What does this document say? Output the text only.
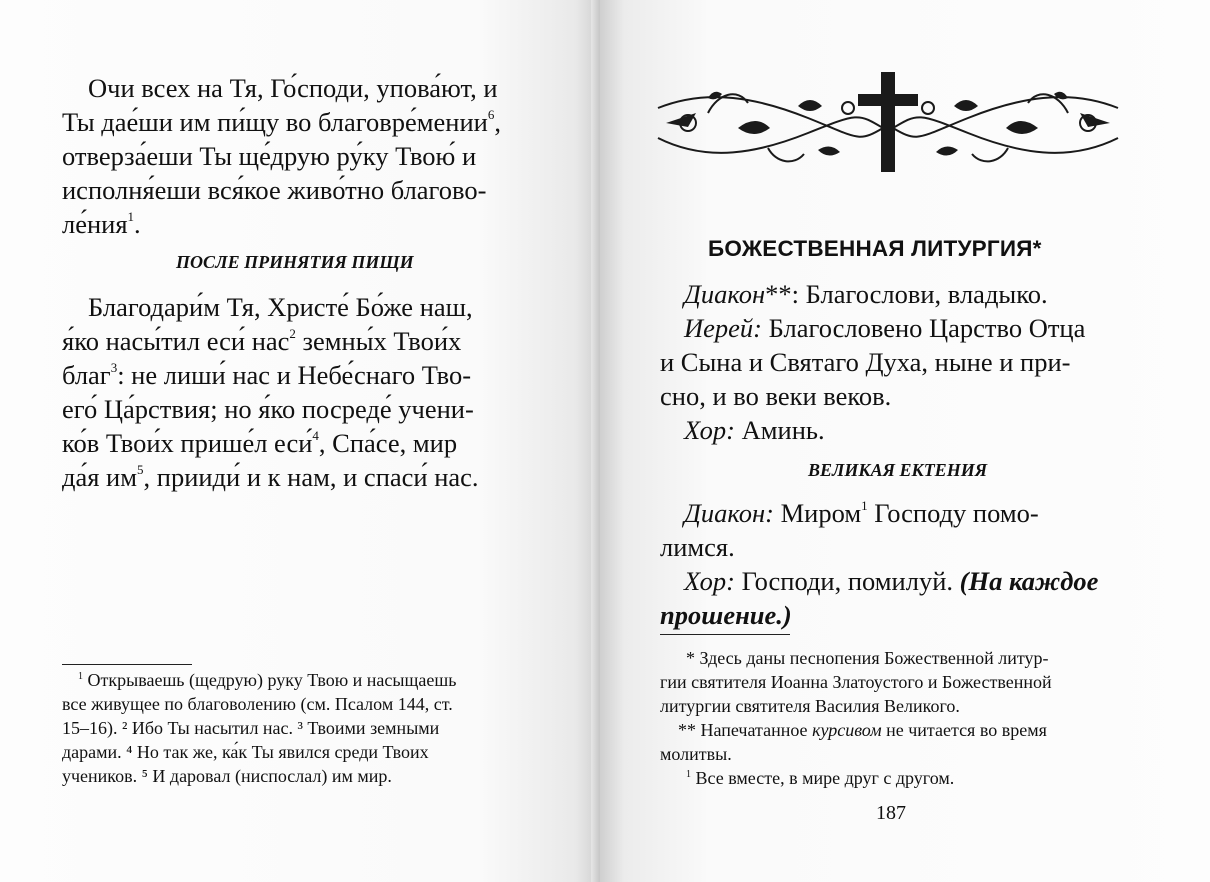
Очи всех на Тя, Го́споди, упова́ют, и
Ты дае́ши им пи́щу во благовре́мении$^6$,
отверза́еши Ты ще́друю ру́ку Твою́ и
исполня́еши вся́кое живо́тно благово-
ле́ния$^1$.
ПОСЛЕ ПРИНЯТИЯ ПИЩИ
Благодари́м Тя, Христе́ Бо́же наш,
я́ко насы́тил еси́ нас$^2$ земны́х Твои́х
благ$^3$: не лиши́ нас и Небе́снаго Тво-
его́ Ца́рствия; но я́ко посреде́ учени-
ко́в Твои́х прише́л еси́$^4$, Спа́се, мир
да́я $им^5$, прииди́ и к нам, и спаси́ нас.
$^1$ Открываешь (щедрую) руку Твою и насыщаешь
все живущее по благоволению (см. Псалом 144, ст.
15–16). ² Ибо Ты насытил нас. ³ Твоими земными
дарами. ⁴ Но так же, ка́к Ты явился среди Твоих
учеников. ⁵ И даровал (ниспослал) им мир.
БОЖЕСТВЕННАЯ ЛИТУРГИЯ*
Диакон**: Благослови, владыко.
Иерей: Благословено Царство Отца
и Сына и Святаго Духа, ныне и при-
сно, и во веки веков.
Хор: Аминь.
ВЕЛИКАЯ ЕКТЕНИЯ
Диакон: Миром$^1$ Господу помо-
лимся.
Хор: Господи, помилуй. (На каждое
прошение.)
* Здесь даны песнопения Божественной литур-
гии святителя Иоанна Златоустого и Божественной
литургии святителя Василия Великого.
** Напечатанное курсивом не читается во время
молитвы.
$^1$ Все вместе, в мире друг с другом.
187
